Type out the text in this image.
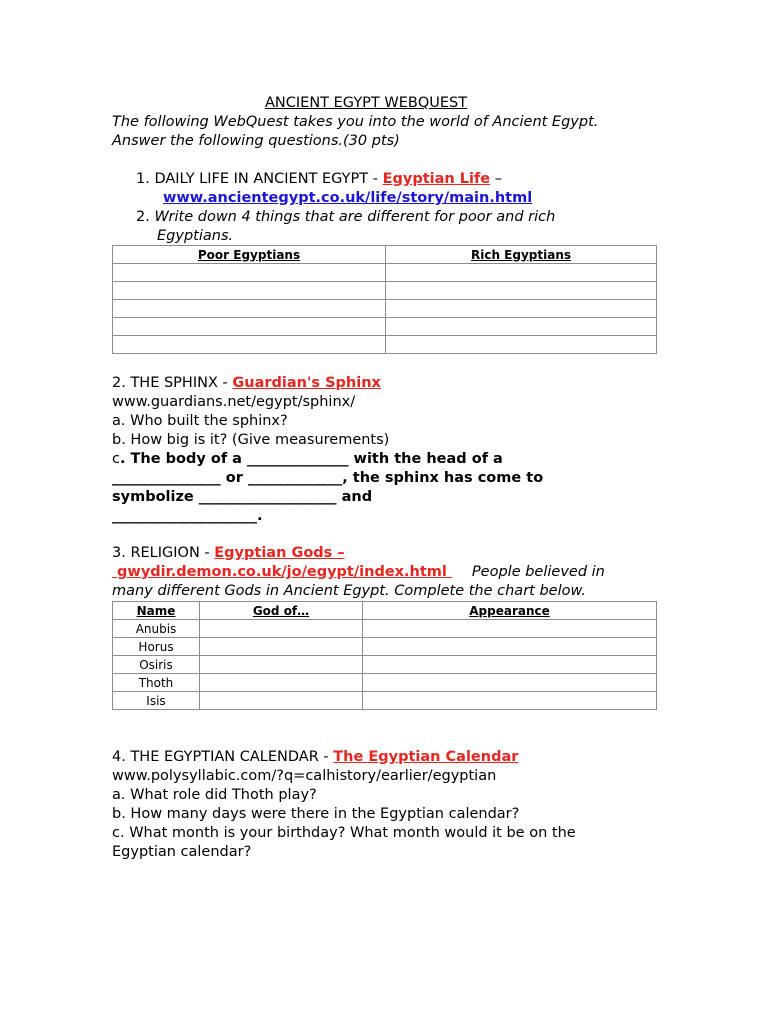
ANCIENT EGYPT WEBQUEST
The following WebQuest takes you into the world of Ancient Egypt.
Answer the following questions.(30 pts)
1. DAILY LIFE IN ANCIENT EGYPT - Egyptian Life –
www.ancientegypt.co.uk/life/story/main.html
2. Write down 4 things that are different for poor and rich
Egyptians.
Poor Egyptians	Rich Egyptians

2. THE SPHINX - Guardian's Sphinx
www.guardians.net/egypt/sphinx/
a. Who built the sphinx?
b. How big is it? (Give measurements)
c. The body of a ______________ with the head of a
_______________ or _____________, the sphinx has come to
symbolize ___________________ and
____________________.
3. RELIGION - Egyptian Gods –
gwydir.demon.co.uk/jo/egypt/index.html People believed in
many different Gods in Ancient Egypt. Complete the chart below.
Name	God of…	Appearance
Anubis		
Horus		
Osiris		
Thoth		
Isis		
4. THE EGYPTIAN CALENDAR - The Egyptian Calendar
www.polysyllabic.com/?q=calhistory/earlier/egyptian
a. What role did Thoth play?
b. How many days were there in the Egyptian calendar?
c. What month is your birthday? What month would it be on the
Egyptian calendar?
